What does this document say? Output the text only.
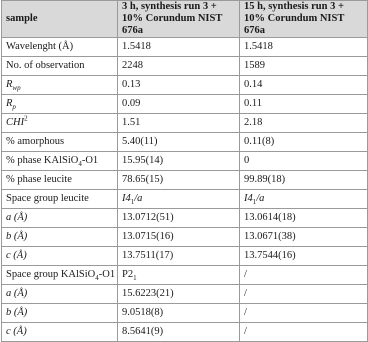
sample	3 h, synthesis run 3 + 10% Corundum NIST 676a	15 h, synthesis run 3 + 10% Corundum NIST 676a
Wavelenght (Å)	1.5418	1.5418
No. of observation	2248	1589
$R_{wp}$	0.13	0.14
$R_p$	0.09	0.11
CHI$^2$	1.51	2.18
% amorphous	5.40(11)	0.11(8)
% phase KAlSiO$_4$-O1	15.95(14)	0
% phase leucite	78.65(15)	99.89(18)
Space group leucite	$I4_1/a$	$I4_1/a$
a (Å)	13.0712(51)	13.0614(18)
b (Å)	13.0715(16)	13.0671(38)
c (Å)	13.7511(17)	13.7544(16)
Space group KAlSiO$_4$-O1	$P2_1$	/
a (Å)	15.6223(21)	/
b (Å)	9.0518(8)	/
c (Å)	8.5641(9)	/
